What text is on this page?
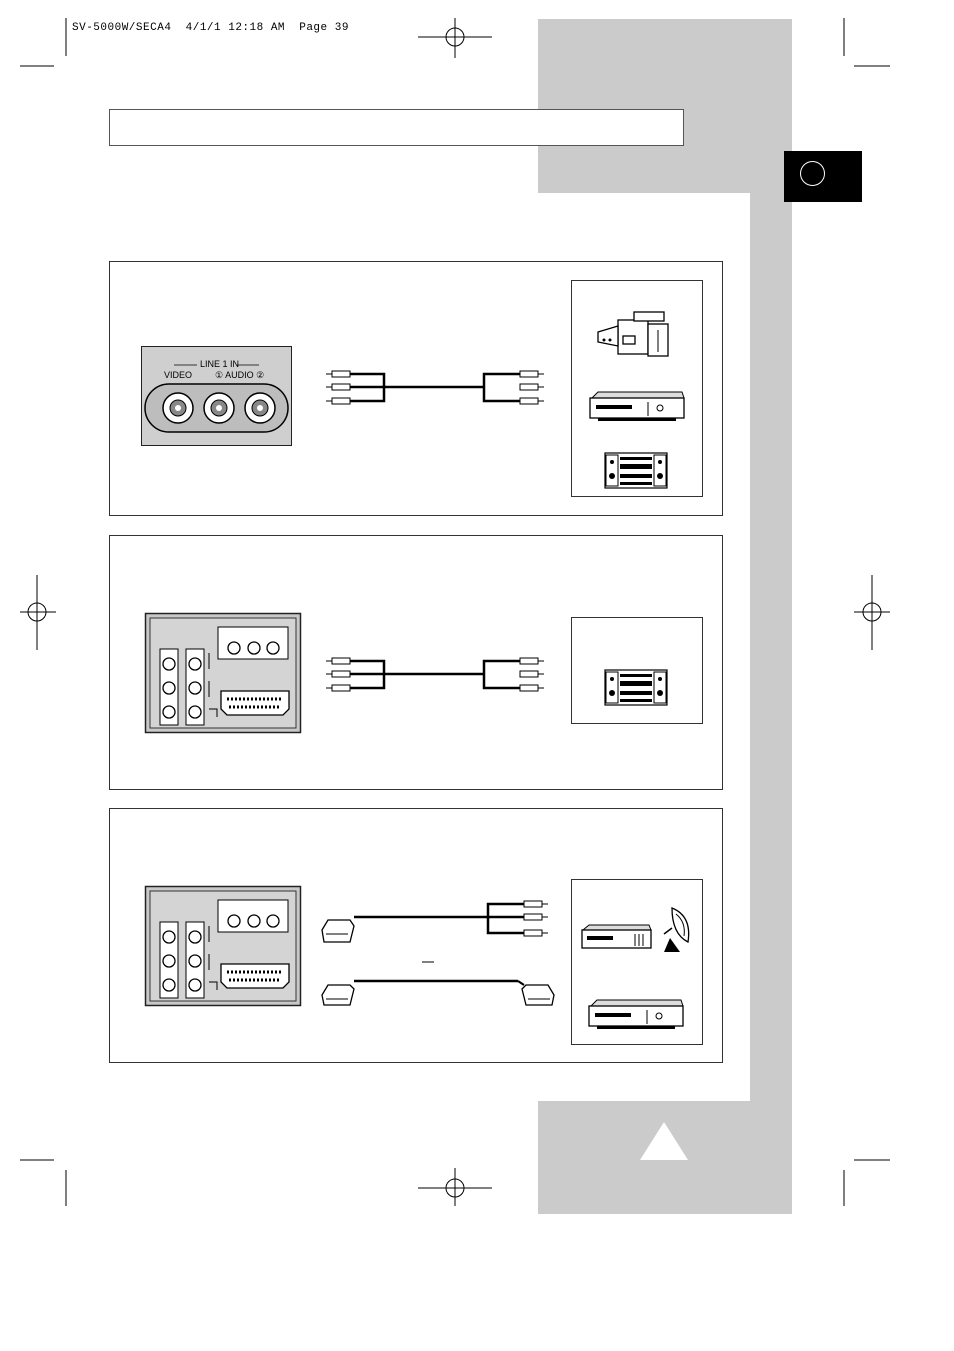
SV-5000W/SECA4  4/1/1 12:18 AM  Page 39
LINE 1 IN
VIDEO	① AUDIO ②
